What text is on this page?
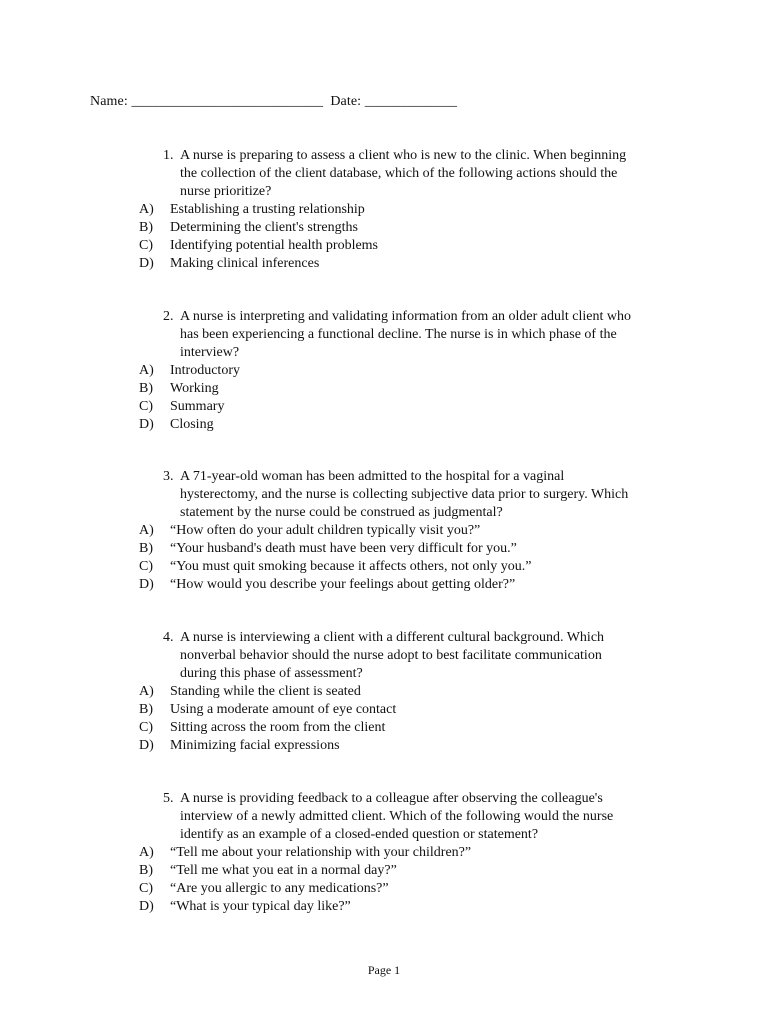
Name: ___________________________ Date: _____________
1. A nurse is preparing to assess a client who is new to the clinic. When beginning
the collection of the client database, which of the following actions should the
nurse prioritize?
A) Establishing a trusting relationship
B) Determining the client's strengths
C) Identifying potential health problems
D) Making clinical inferences
2. A nurse is interpreting and validating information from an older adult client who
has been experiencing a functional decline. The nurse is in which phase of the
interview?
A) Introductory
B) Working
C) Summary
D) Closing
3. A 71-year-old woman has been admitted to the hospital for a vaginal
hysterectomy, and the nurse is collecting subjective data prior to surgery. Which
statement by the nurse could be construed as judgmental?
A) “How often do your adult children typically visit you?”
B) “Your husband's death must have been very difficult for you.”
C) “You must quit smoking because it affects others, not only you.”
D) “How would you describe your feelings about getting older?”
4. A nurse is interviewing a client with a different cultural background. Which
nonverbal behavior should the nurse adopt to best facilitate communication
during this phase of assessment?
A) Standing while the client is seated
B) Using a moderate amount of eye contact
C) Sitting across the room from the client
D) Minimizing facial expressions
5. A nurse is providing feedback to a colleague after observing the colleague's
interview of a newly admitted client. Which of the following would the nurse
identify as an example of a closed-ended question or statement?
A) “Tell me about your relationship with your children?”
B) “Tell me what you eat in a normal day?”
C) “Are you allergic to any medications?”
D) “What is your typical day like?”
Page 1
